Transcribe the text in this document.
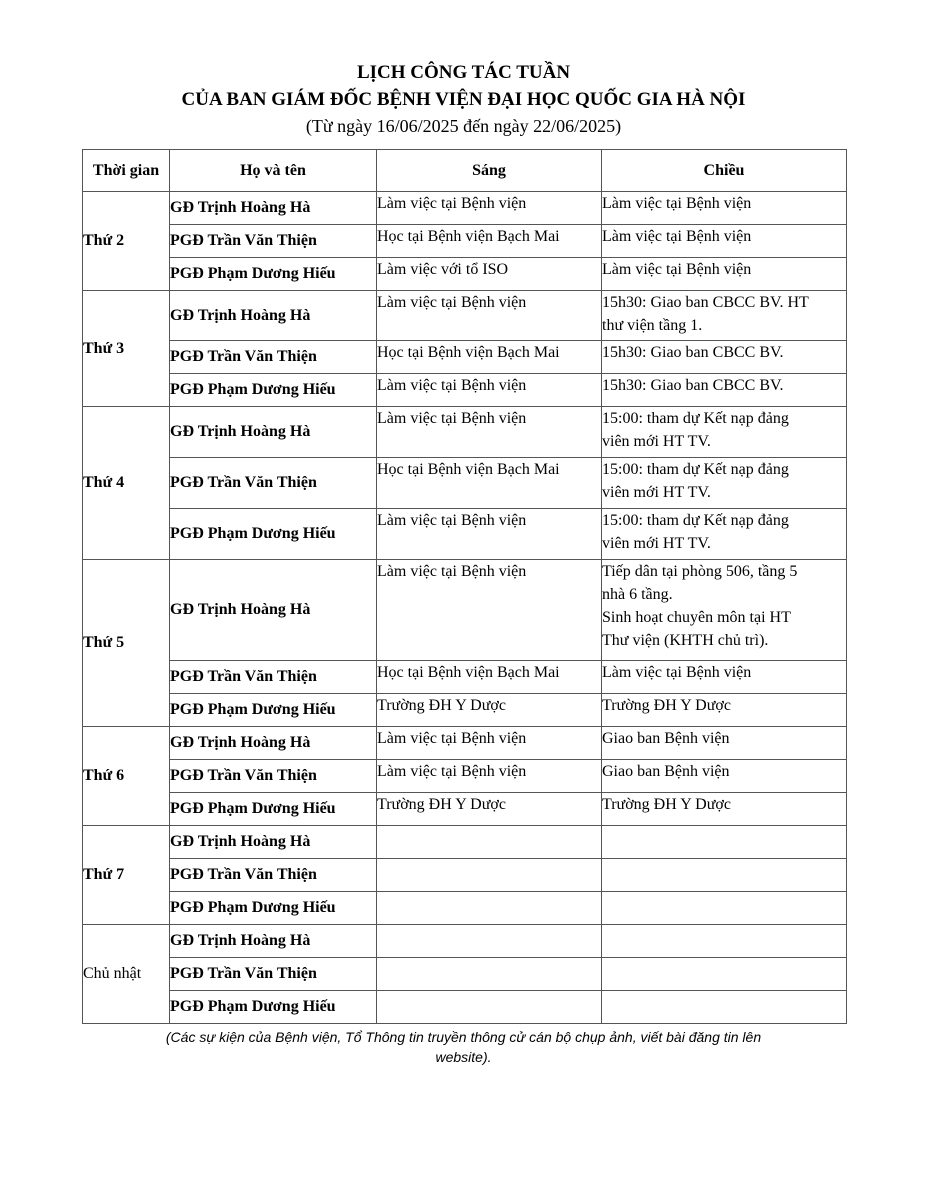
LỊCH CÔNG TÁC TUẦN
CỦA BAN GIÁM ĐỐC BỆNH VIỆN ĐẠI HỌC QUỐC GIA HÀ NỘI
(Từ ngày 16/06/2025 đến ngày 22/06/2025)
Thời gian	Họ và tên	Sáng	Chiều
Thứ 2	GĐ Trịnh Hoàng Hà	Làm việc tại Bệnh viện	Làm việc tại Bệnh viện

	PGĐ Trần Văn Thiện	Học tại Bệnh viện Bạch Mai	Làm việc tại Bệnh viện

	PGĐ Phạm Dương Hiếu	Làm việc với tổ ISO	Làm việc tại Bệnh viện

Thứ 3	GĐ Trịnh Hoàng Hà	Làm việc tại Bệnh viện	15h30: Giao ban CBCC BV. HT
thư viện tầng 1.

	PGĐ Trần Văn Thiện	Học tại Bệnh viện Bạch Mai	15h30: Giao ban CBCC BV.

	PGĐ Phạm Dương Hiếu	Làm việc tại Bệnh viện	15h30: Giao ban CBCC BV.

Thứ 4	GĐ Trịnh Hoàng Hà	Làm việc tại Bệnh viện	15:00: tham dự Kết nạp đảng
viên mới HT TV.

	PGĐ Trần Văn Thiện	Học tại Bệnh viện Bạch Mai	15:00: tham dự Kết nạp đảng
viên mới HT TV.

	PGĐ Phạm Dương Hiếu	Làm việc tại Bệnh viện	15:00: tham dự Kết nạp đảng
viên mới HT TV.

Thứ 5	GĐ Trịnh Hoàng Hà	Làm việc tại Bệnh viện	Tiếp dân tại phòng 506, tầng 5
nhà 6 tầng.
Sinh hoạt chuyên môn tại HT
Thư viện (KHTH chủ trì).

	PGĐ Trần Văn Thiện	Học tại Bệnh viện Bạch Mai	Làm việc tại Bệnh viện

	PGĐ Phạm Dương Hiếu	Trường ĐH Y Dược	Trường ĐH Y Dược

Thứ 6	GĐ Trịnh Hoàng Hà	Làm việc tại Bệnh viện	Giao ban Bệnh viện

	PGĐ Trần Văn Thiện	Làm việc tại Bệnh viện	Giao ban Bệnh viện

	PGĐ Phạm Dương Hiếu	Trường ĐH Y Dược	Trường ĐH Y Dược

Thứ 7	GĐ Trịnh Hoàng Hà		
	PGĐ Trần Văn Thiện		
	PGĐ Phạm Dương Hiếu		
Chủ nhật	GĐ Trịnh Hoàng Hà		
	PGĐ Trần Văn Thiện		
	PGĐ Phạm Dương Hiếu		
(Các sự kiện của Bệnh viện, Tổ Thông tin truyền thông cử cán bộ chụp ảnh, viết bài đăng tin lên
website).
